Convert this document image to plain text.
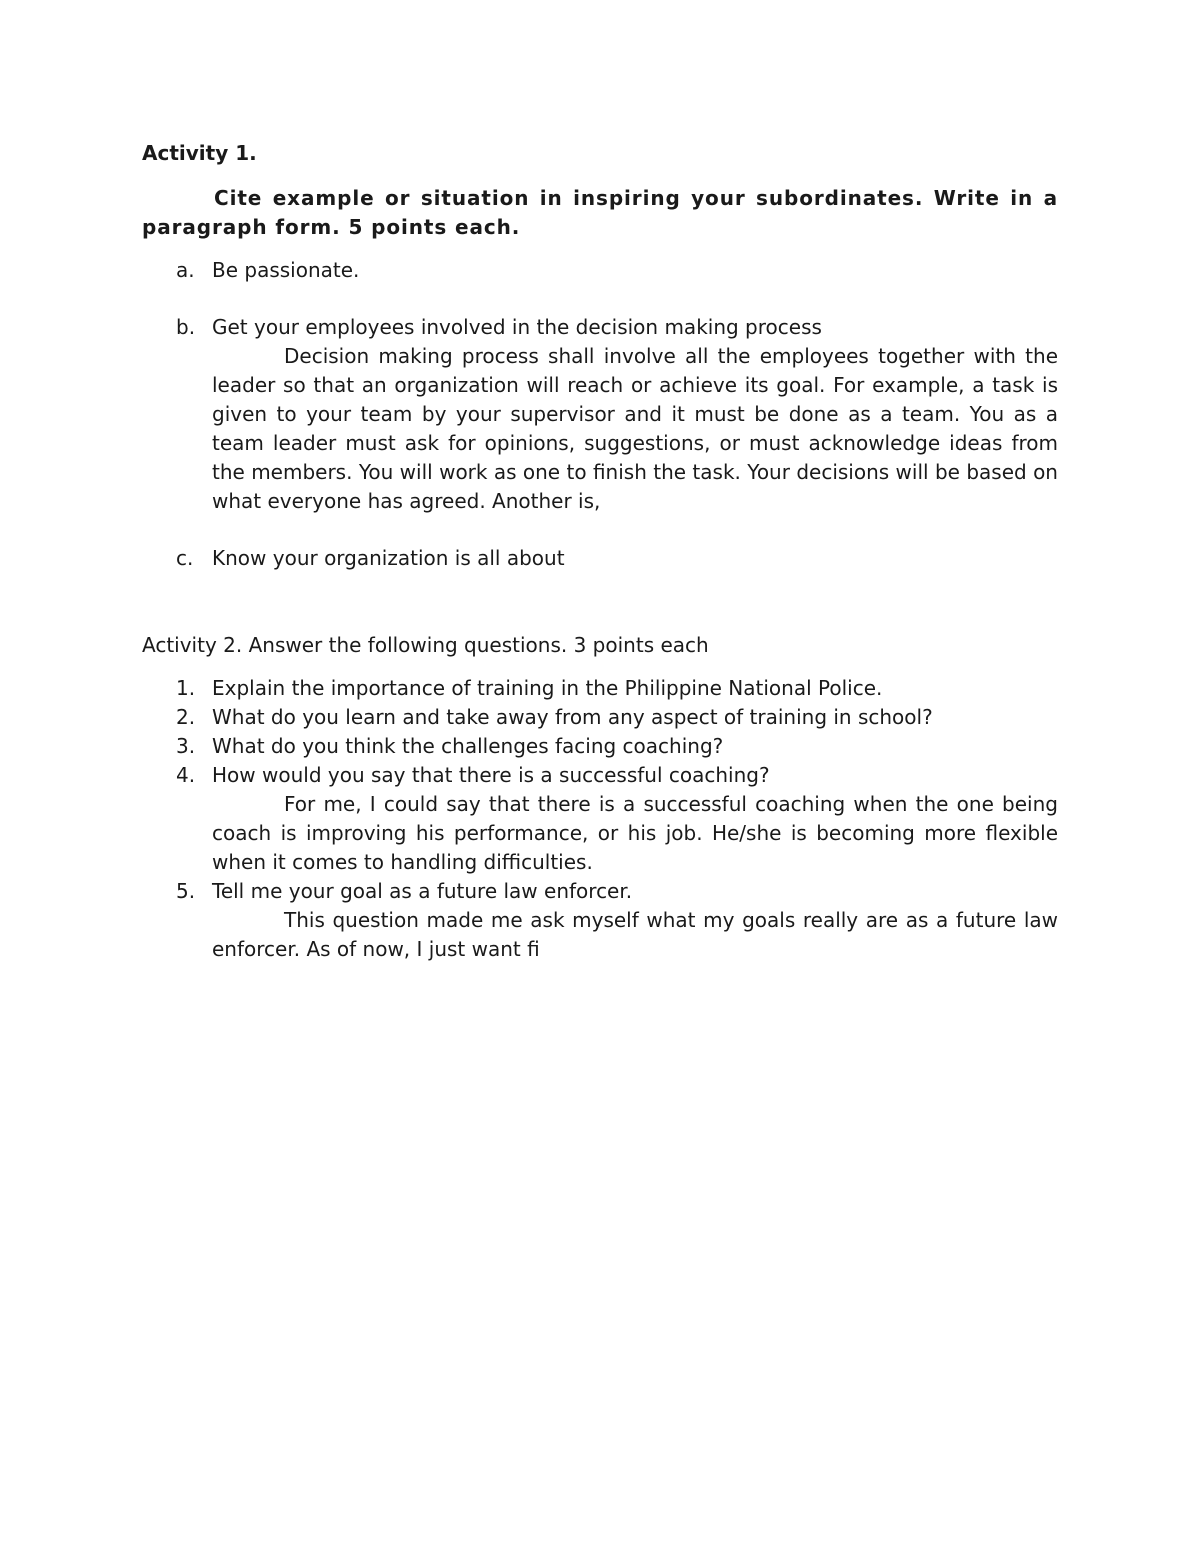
Activity 1.

Cite example or situation in inspiring your subordinates. Write in a paragraph form. 5 points each.

a. Be passionate.
b. Get your employees involved in the decision making process

Decision making process shall involve all the employees together with the leader so that an organization will reach or achieve its goal. For example, a task is given to your team by your supervisor and it must be done as a team. You as a team leader must ask for opinions, suggestions, or must acknowledge ideas from the members. You will work as one to finish the task. Your decisions will be based on what everyone has agreed. Another is,

c. Know your organization is all about

Activity 2. Answer the following questions. 3 points each

1. Explain the importance of training in the Philippine National Police.
2. What do you learn and take away from any aspect of training in school?
3. What do you think the challenges facing coaching?
4. How would you say that there is a successful coaching?

For me, I could say that there is a successful coaching when the one being coach is improving his performance, or his job. He/she is becoming more flexible when it comes to handling difficulties.

5. Tell me your goal as a future law enforcer.

This question made me ask myself what my goals really are as a future law enforcer. As of now, I just want fi
